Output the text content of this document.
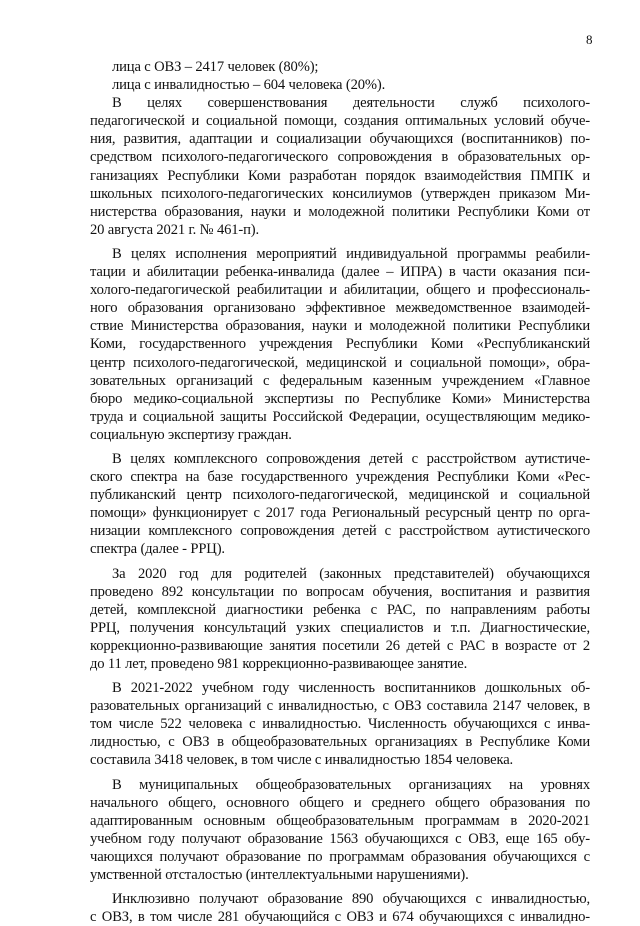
8
лица с ОВЗ – 2417 человек (80%);
лица с инвалидностью – 604 человека (20%).
В целях совершенствования деятельности служб психолого-
педагогической и социальной помощи, создания оптимальных условий обуче-
ния, развития, адаптации и социализации обучающихся (воспитанников) по-
средством психолого-педагогического сопровождения в образовательных ор-
ганизациях Республики Коми разработан порядок взаимодействия ПМПК и
школьных психолого-педагогических консилиумов (утвержден приказом Ми-
нистерства образования, науки и молодежной политики Республики Коми от
20 августа 2021 г. № 461-п).
В целях исполнения мероприятий индивидуальной программы реабили-
тации и абилитации ребенка-инвалида (далее – ИПРА) в части оказания пси-
холого-педагогической реабилитации и абилитации, общего и профессиональ-
ного образования организовано эффективное межведомственное взаимодей-
ствие Министерства образования, науки и молодежной политики Республики
Коми, государственного учреждения Республики Коми «Республиканский
центр психолого-педагогической, медицинской и социальной помощи», обра-
зовательных организаций с федеральным казенным учреждением «Главное
бюро медико-социальной экспертизы по Республике Коми» Министерства
труда и социальной защиты Российской Федерации, осуществляющим медико-
социальную экспертизу граждан.
В целях комплексного сопровождения детей с расстройством аутистиче-
ского спектра на базе государственного учреждения Республики Коми «Рес-
публиканский центр психолого-педагогической, медицинской и социальной
помощи» функционирует с 2017 года Региональный ресурсный центр по орга-
низации комплексного сопровождения детей с расстройством аутистического
спектра (далее - РРЦ).
За 2020 год для родителей (законных представителей) обучающихся
проведено 892 консультации по вопросам обучения, воспитания и развития
детей, комплексной диагностики ребенка с РАС, по направлениям работы
РРЦ, получения консультаций узких специалистов и т.п. Диагностические,
коррекционно-развивающие занятия посетили 26 детей с РАС в возрасте от 2
до 11 лет, проведено 981 коррекционно-развивающее занятие.
В 2021-2022 учебном году численность воспитанников дошкольных об-
разовательных организаций с инвалидностью, с ОВЗ составила 2147 человек, в
том числе 522 человека с инвалидностью. Численность обучающихся с инва-
лидностью, с ОВЗ в общеобразовательных организациях в Республике Коми
составила 3418 человек, в том числе с инвалидностью 1854 человека.
В муниципальных общеобразовательных организациях на уровнях
начального общего, основного общего и среднего общего образования по
адаптированным основным общеобразовательным программам в 2020-2021
учебном году получают образование 1563 обучающихся с ОВЗ, еще 165 обу-
чающихся получают образование по программам образования обучающихся с
умственной отсталостью (интеллектуальными нарушениями).
Инклюзивно получают образование 890 обучающихся с инвалидностью,
с ОВЗ, в том числе 281 обучающийся с ОВЗ и 674 обучающихся с инвалидно-
